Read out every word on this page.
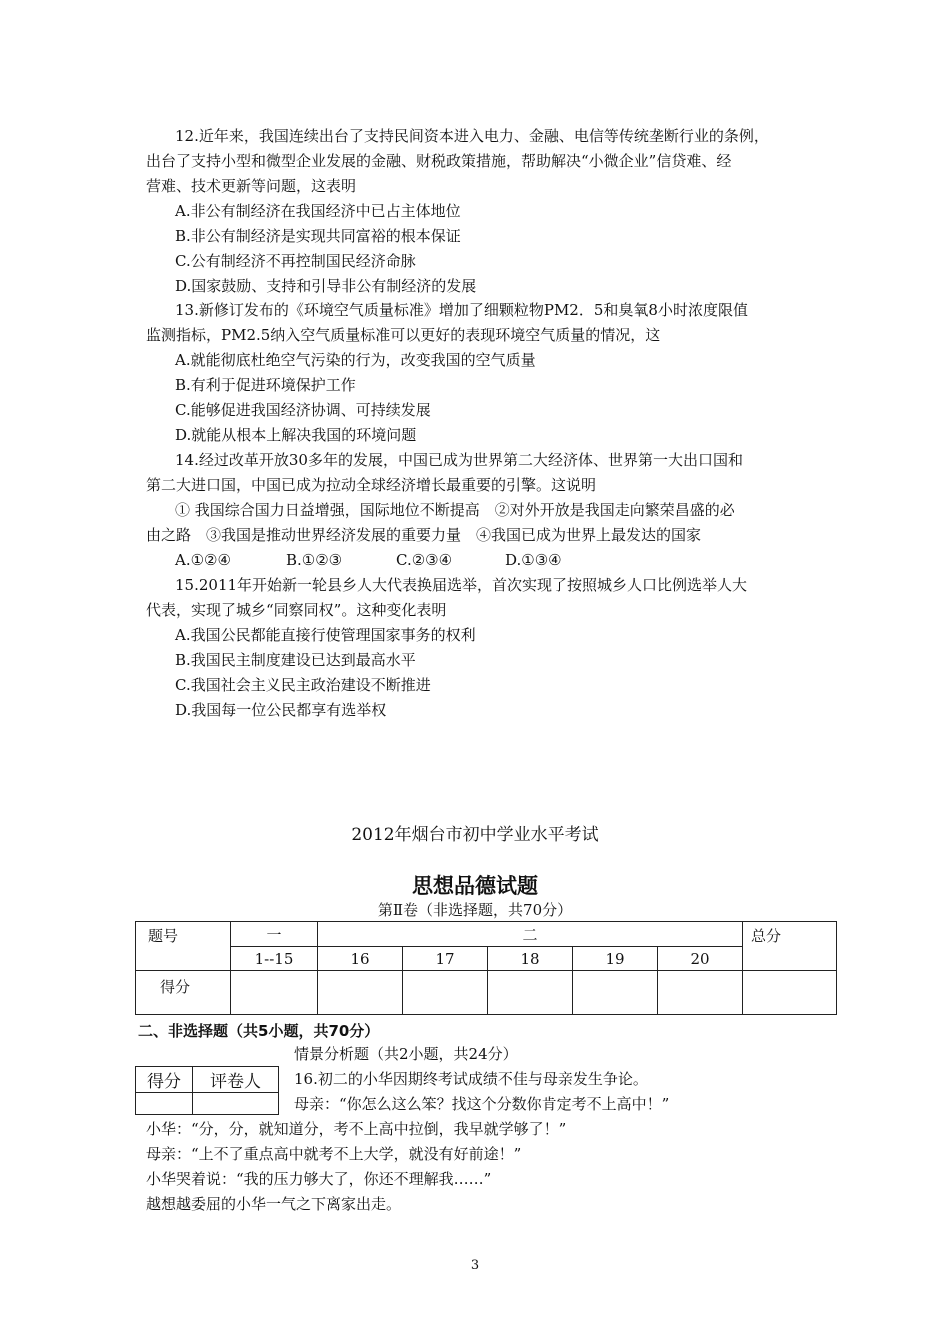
12.近年来，我国连续出台了支持民间资本进入电力、金融、电信等传统垄断行业的条例，
出台了支持小型和微型企业发展的金融、财税政策措施，帮助解决“小微企业”信贷难、经
营难、技术更新等问题，这表明
A.非公有制经济在我国经济中已占主体地位
B.非公有制经济是实现共同富裕的根本保证
C.公有制经济不再控制国民经济命脉
D.国家鼓励、支持和引导非公有制经济的发展
13.新修订发布的《环境空气质量标准》增加了细颗粒物PM2．5和臭氧8小时浓度限值
监测指标，PM2.5纳入空气质量标准可以更好的表现环境空气质量的情况，这
A.就能彻底杜绝空气污染的行为，改变我国的空气质量
B.有利于促进环境保护工作
C.能够促进我国经济协调、可持续发展
D.就能从根本上解决我国的环境问题
14.经过改革开放30多年的发展，中国已成为世界第二大经济体、世界第一大出口国和
第二大进口国，中国已成为拉动全球经济增长最重要的引擎。这说明
① 我国综合国力日益增强，国际地位不断提高　②对外开放是我国走向繁荣昌盛的必
由之路　③我国是推动世界经济发展的重要力量　④我国已成为世界上最发达的国家
A.①②④	B.①②③	C.②③④	D.①③④
15.2011年开始新一轮县乡人大代表换届选举，首次实现了按照城乡人口比例选举人大
代表，实现了城乡“同察同权”。这种变化表明
A.我国公民都能直接行使管理国家事务的权利
B.我国民主制度建设已达到最高水平
C.我国社会主义民主政治建设不断推进
D.我国每一位公民都享有选举权
2012年烟台市初中学业水平考试
思想品德试题
第Ⅱ卷（非选择题，共70分）
题号	一	二					总分
	1--15	16	17	18	19	20	
得分							
二、非选择题（共5小题，共70分）
情景分析题（共2小题，共24分）
得分	评卷人
	16.初二的小华因期终考试成绩不佳与母亲发生争论。
母亲：“你怎么这么笨？找这个分数你肯定考不上高中！”
小华：“分，分，就知道分，考不上高中拉倒，我早就学够了！”
母亲：“上不了重点高中就考不上大学，就没有好前途！”
小华哭着说：“我的压力够大了，你还不理解我……”
越想越委屈的小华一气之下离家出走。
3
